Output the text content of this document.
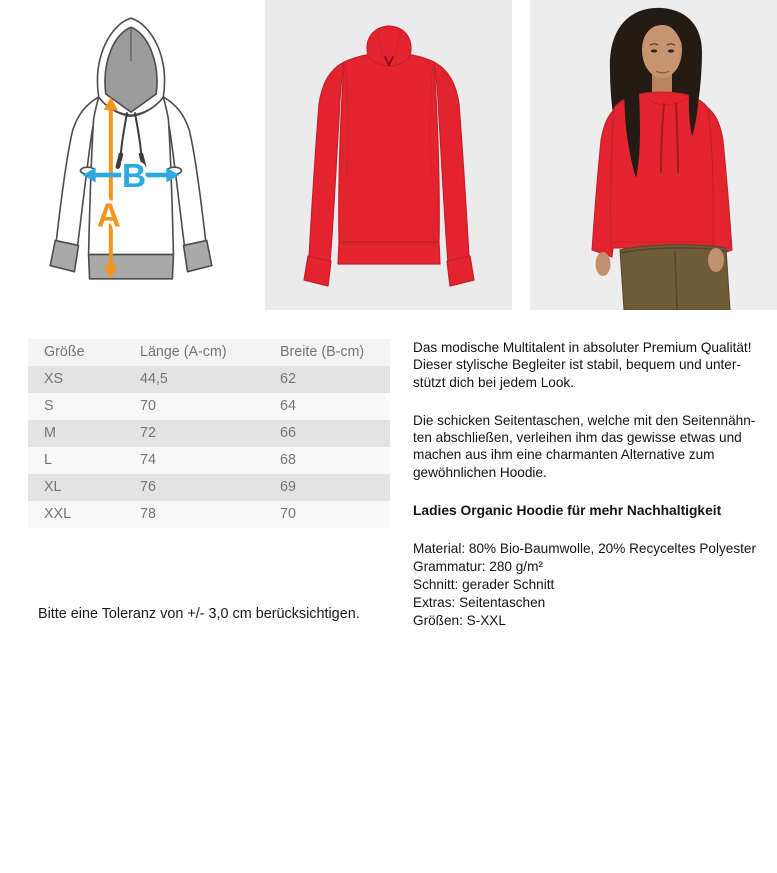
B
A
Größe	Länge (A-cm)	Breite (B-cm)
XS	44,5	62
S	70	64
M	72	66
L	74	68
XL	76	69
XXL	78	70
Bitte eine Toleranz von +/- 3,0 cm berücksichtigen.
Das modische Multitalent in absoluter Premium Qualität!
Dieser stylische Begleiter ist stabil, bequem und unter-
stützt dich bei jedem Look.
Die schicken Seitentaschen, welche mit den Seitennähn-
ten abschließen, verleihen ihm das gewisse etwas und
machen aus ihm eine charmanten Alternative zum
gewöhnlichen Hoodie.
Ladies Organic Hoodie für mehr Nachhaltigkeit
Material: 80% Bio-Baumwolle, 20% Recyceltes Polyester
Grammatur: 280 g/m²
Schnitt: gerader Schnitt
Extras: Seitentaschen
Größen: S-XXL
